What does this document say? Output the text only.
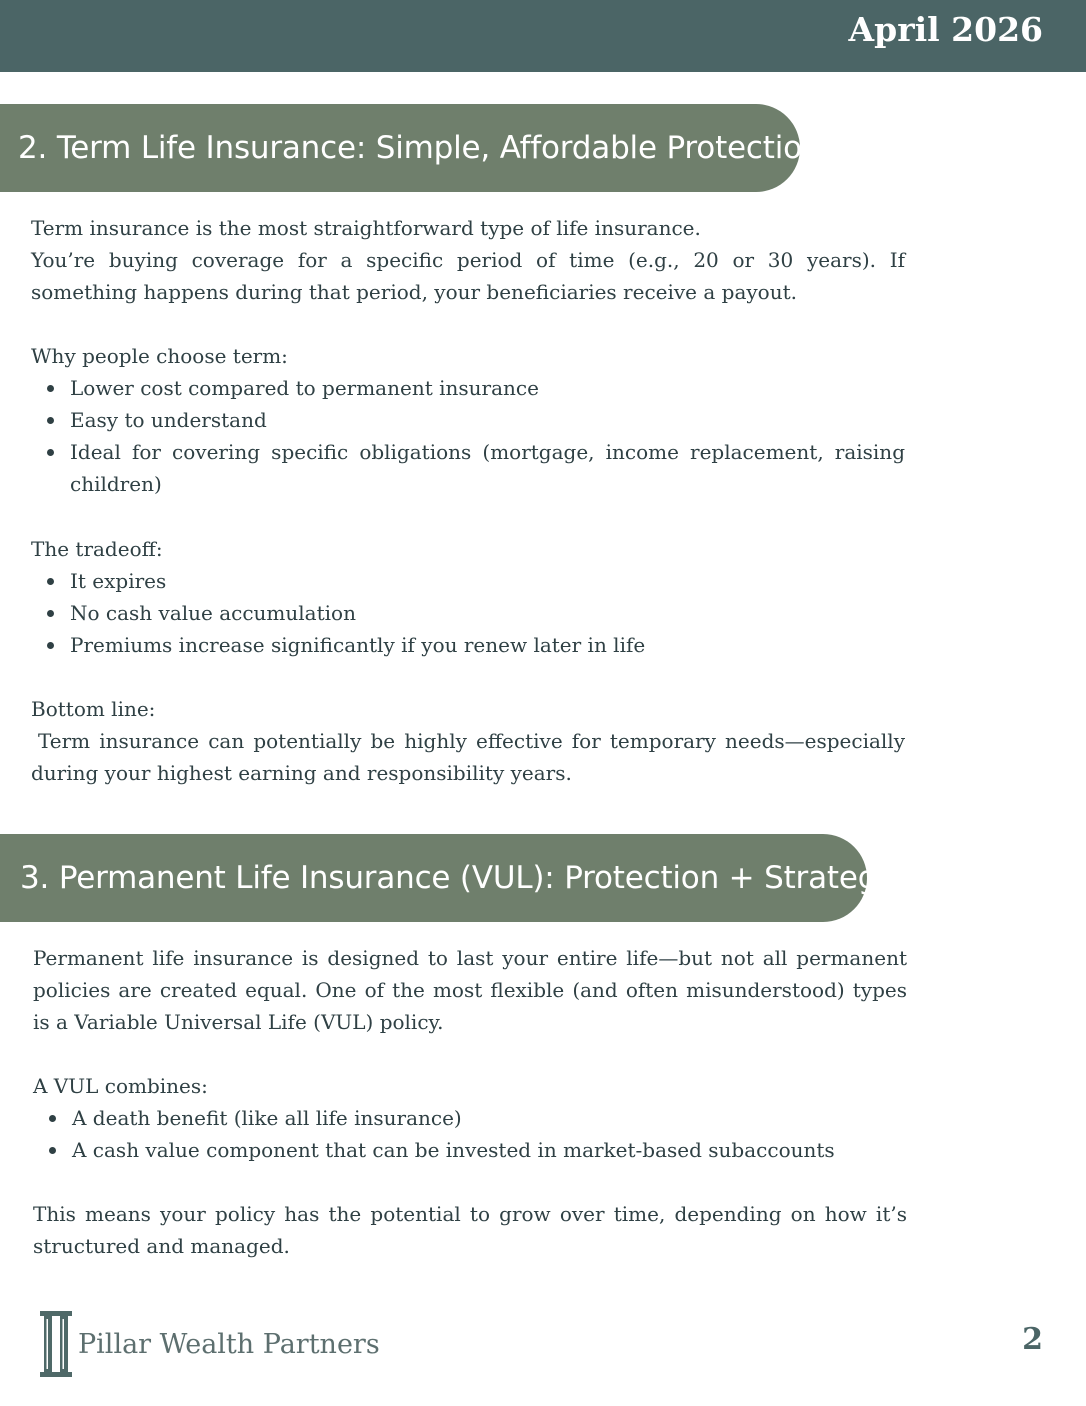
April 2026
2. Term Life Insurance: Simple, Affordable Protection

Term insurance is the most straightforward type of life insurance.

You’re buying coverage for a specific period of time (e.g., 20 or 30 years). If something happens during that period, your beneficiaries receive a payout.

Why people choose term:

Lower cost compared to permanent insurance
Easy to understand
Ideal for covering specific obligations (mortgage, income replacement, raising children)

The tradeoff:

It expires
No cash value accumulation
Premiums increase significantly if you renew later in life

Bottom line:

Term insurance can potentially be highly effective for temporary needs—especially during your highest earning and responsibility years.

3. Permanent Life Insurance (VUL): Protection + Strategy

Permanent life insurance is designed to last your entire life—but not all permanent policies are created equal. One of the most flexible (and often misunderstood) types is a Variable Universal Life (VUL) policy.

A VUL combines:

A death benefit (like all life insurance)
A cash value component that can be invested in market-based subaccounts

This means your policy has the potential to grow over time, depending on how it’s structured and managed.

Pillar Wealth Partners	2
